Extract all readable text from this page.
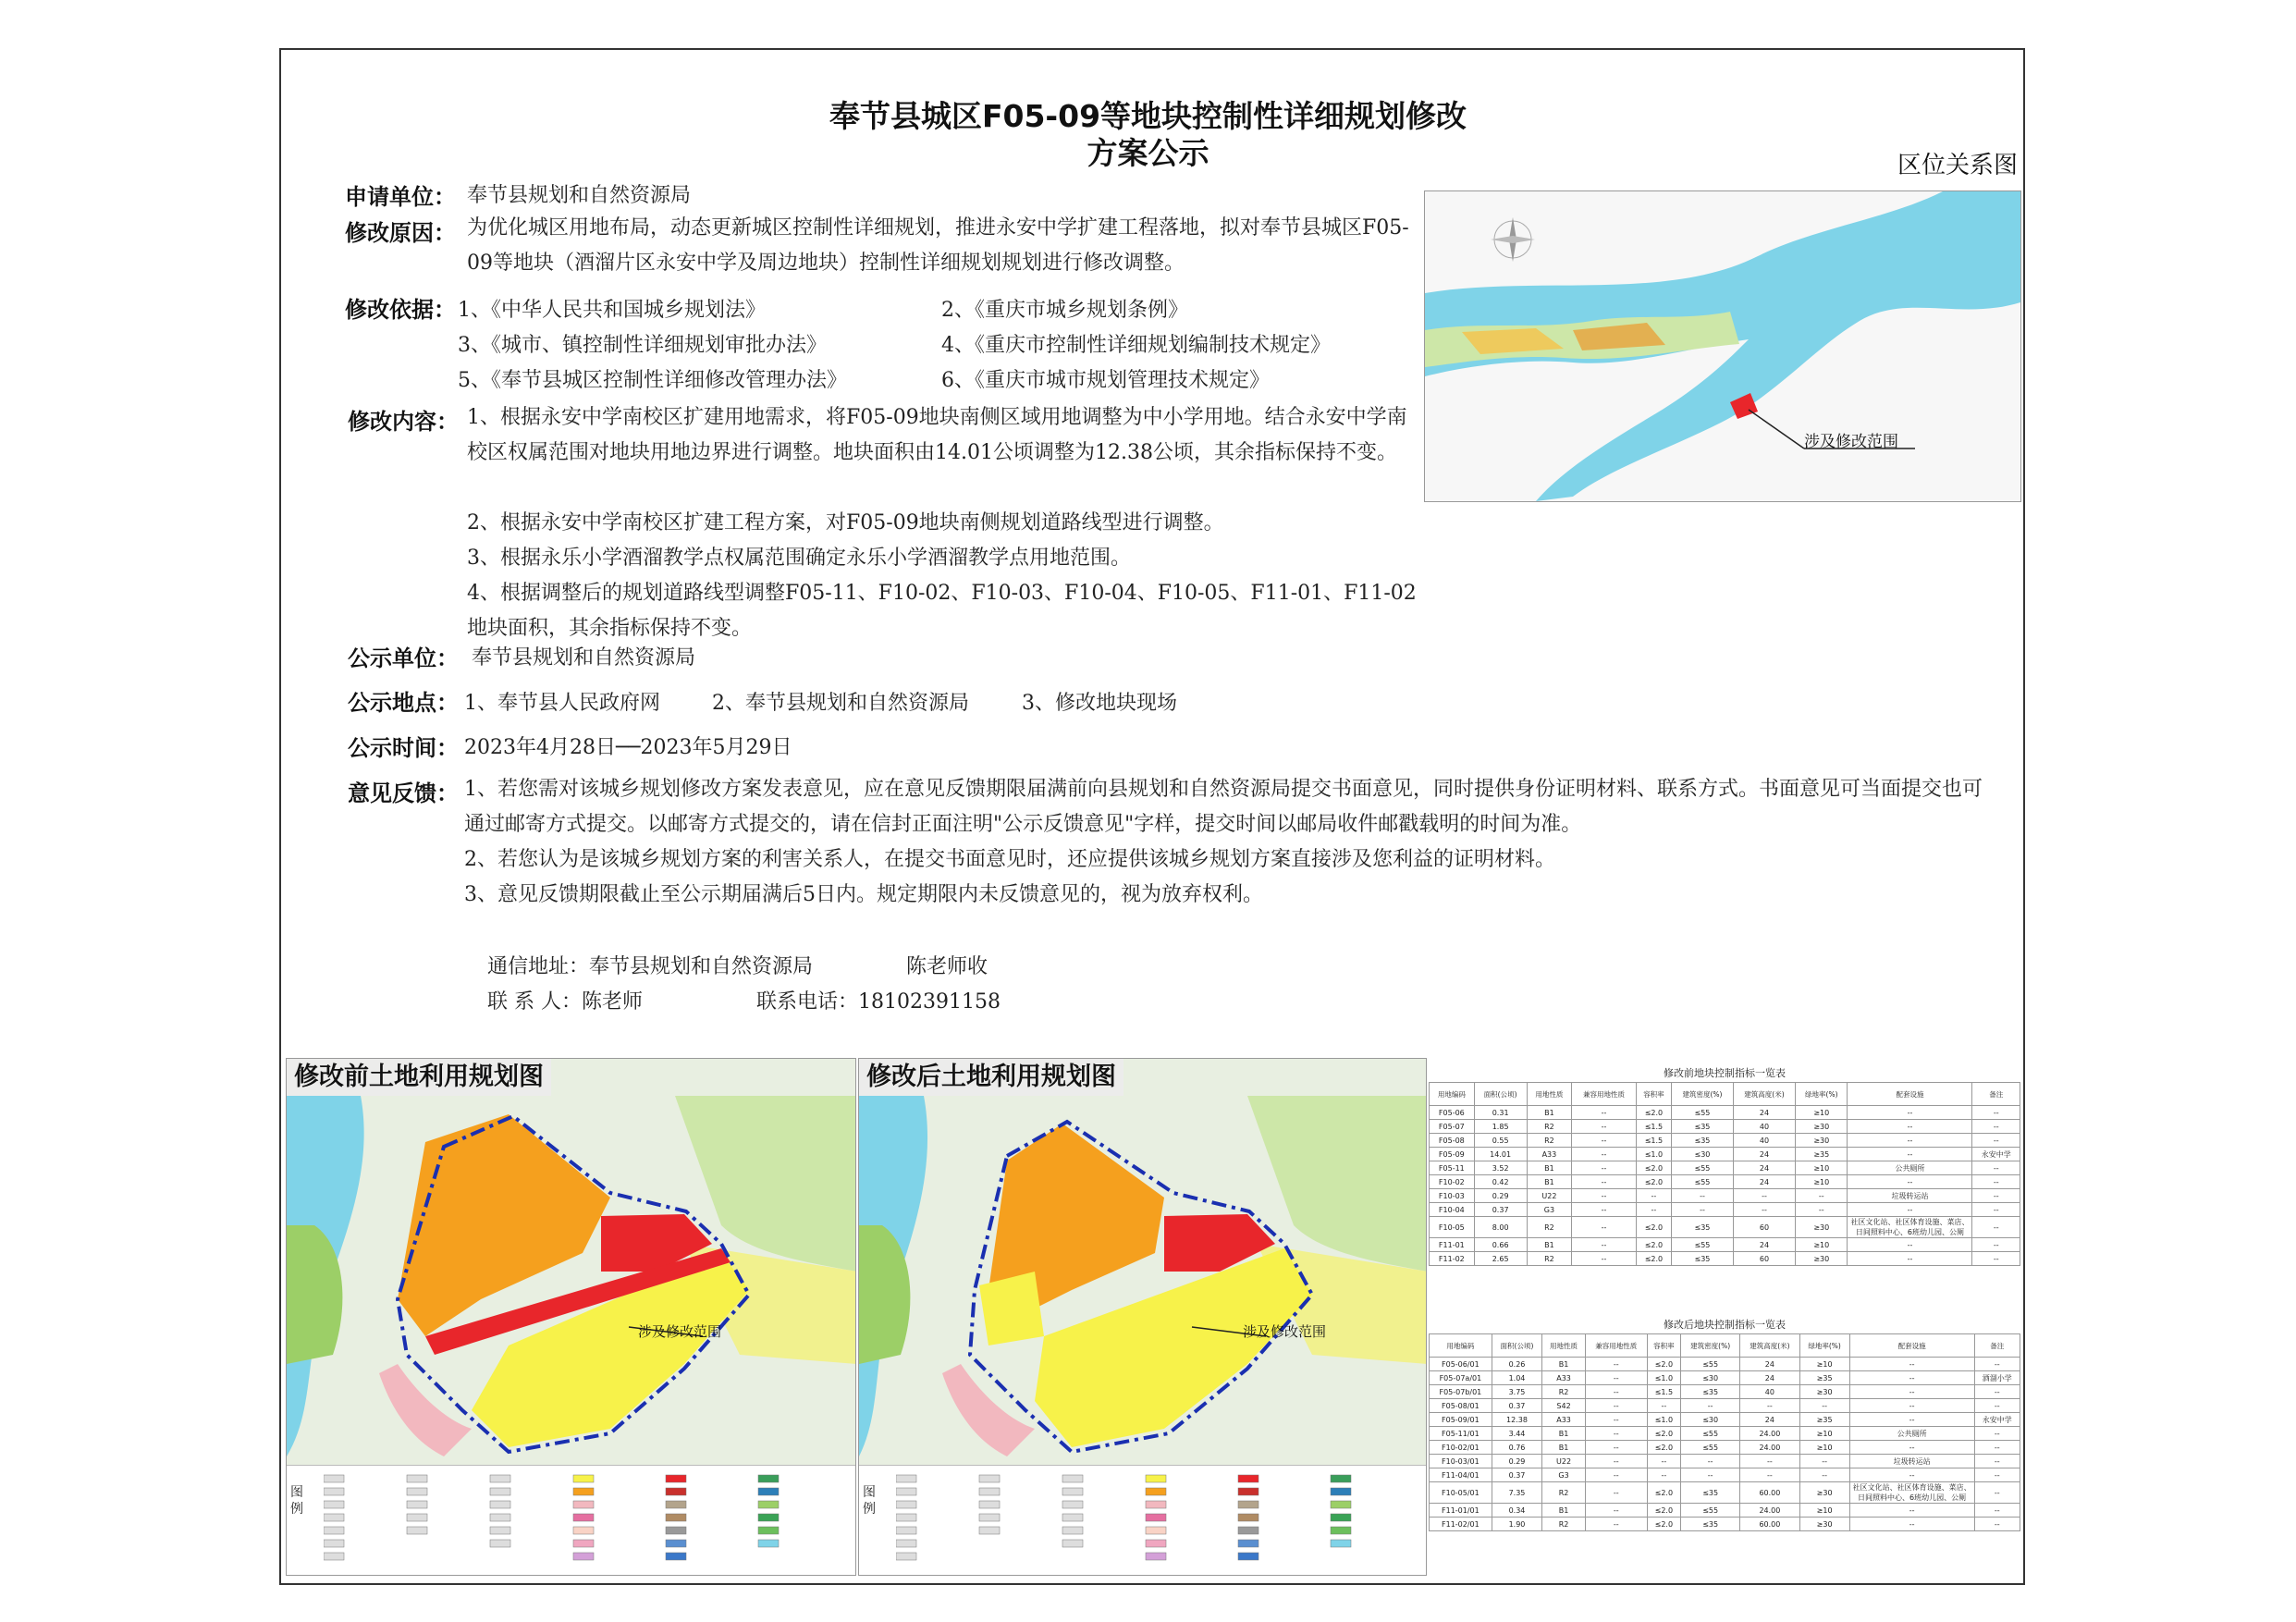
奉节县城区F05-09等地块控制性详细规划修改
方案公示	区位关系图
涉及修改范围
申请单位： 奉节县规划和自然资源局
修改原因： 为优化城区用地布局，动态更新城区控制性详细规划，推进永安中学扩建工程落地，拟对奉节县城区F05-09等地块（酒溜片区永安中学及周边地块）控制性详细规划规划进行修改调整。
修改依据： 1、《中华人民共和国城乡规划法》	2、《重庆市城乡规划条例》
3、《城市、镇控制性详细规划审批办法》	4、《重庆市控制性详细规划编制技术规定》
5、《奉节县城区控制性详细修改管理办法》	6、《重庆市城市规划管理技术规定》
修改内容： 1、根据永安中学南校区扩建用地需求，将F05-09地块南侧区域用地调整为中小学用地。结合永安中学南校区权属范围对地块用地边界进行调整。地块面积由14.01公顷调整为12.38公顷，其余指标保持不变。
2、根据永安中学南校区扩建工程方案，对F05-09地块南侧规划道路线型进行调整。
3、根据永乐小学酒溜教学点权属范围确定永乐小学酒溜教学点用地范围。
4、根据调整后的规划道路线型调整F05-11、F10-02、F10-03、F10-04、F10-05、F11-01、F11-02地块面积，其余指标保持不变。
公示单位： 奉节县规划和自然资源局
公示地点： 1、奉节县人民政府网	2、奉节县规划和自然资源局	3、修改地块现场
公示时间： 2023年4月28日──2023年5月29日
意见反馈： 1、若您需对该城乡规划修改方案发表意见，应在意见反馈期限届满前向县规划和自然资源局提交书面意见，同时提供身份证明材料、联系方式。书面意见可当面提交也可通过邮寄方式提交。以邮寄方式提交的，请在信封正面注明"公示反馈意见"字样，提交时间以邮局收件邮戳载明的时间为准。
2、若您认为是该城乡规划方案的利害关系人，在提交书面意见时，还应提供该城乡规划方案直接涉及您利益的证明材料。
3、意见反馈期限截止至公示期届满后5日内。规定期限内未反馈意见的，视为放弃权利。
通信地址：奉节县规划和自然资源局	陈老师收
联 系 人：陈老师	联系电话：18102391158
修改前土地利用规划图
涉及修改范围
图例
修改后土地利用规划图
涉及修改范围
图例
修改前地块控制指标一览表
用地编码	面积(公顷)	用地性质	兼容用地性质	容积率	建筑密度(%)	建筑高度(米)	绿地率(%)	配套设施	备注
F05-06	0.31	B1	--	≤2.0	≤55	24	≥10	--	--
F05-07	1.85	R2	--	≤1.5	≤35	40	≥30	--	--
F05-08	0.55	R2	--	≤1.5	≤35	40	≥30	--	--
F05-09	14.01	A33	--	≤1.0	≤30	24	≥35	--	永安中学
F05-11	3.52	B1	--	≤2.0	≤55	24	≥10	公共厕所	--
F10-02	0.42	B1	--	≤2.0	≤55	24	≥10	--	--
F10-03	0.29	U22	--	--	--	--	--	垃圾转运站	--
F10-04	0.37	G3	--	--	--	--	--	--	--
F10-05	8.00	R2	--	≤2.0	≤35	60	≥30	社区文化站、社区体育设施、菜店、日间照料中心、6班幼儿园、公厕	--
F11-01	0.66	B1	--	≤2.0	≤55	24	≥10	--	--
F11-02	2.65	R2	--	≤2.0	≤35	60	≥30	--	--
修改后地块控制指标一览表
用地编码	面积(公顷)	用地性质	兼容用地性质	容积率	建筑密度(%)	建筑高度(米)	绿地率(%)	配套设施	备注
F05-06/01	0.26	B1	--	≤2.0	≤55	24	≥10	--	--
F05-07a/01	1.04	A33	--	≤1.0	≤30	24	≥35	--	酒溜小学
F05-07b/01	3.75	R2	--	≤1.5	≤35	40	≥30	--	--
F05-08/01	0.37	S42	--	--	--	--	--	--	--
F05-09/01	12.38	A33	--	≤1.0	≤30	24	≥35	--	永安中学
F05-11/01	3.44	B1	--	≤2.0	≤55	24.00	≥10	公共厕所	--
F10-02/01	0.76	B1	--	≤2.0	≤55	24.00	≥10	--	--
F10-03/01	0.29	U22	--	--	--	--	--	垃圾转运站	--
F11-04/01	0.37	G3	--	--	--	--	--	--	--
F10-05/01	7.35	R2	--	≤2.0	≤35	60.00	≥30	社区文化站、社区体育设施、菜店、日间照料中心、6班幼儿园、公厕	--
F11-01/01	0.34	B1	--	≤2.0	≤55	24.00	≥10	--	--
F11-02/01	1.90	R2	--	≤2.0	≤35	60.00	≥30	--	--
